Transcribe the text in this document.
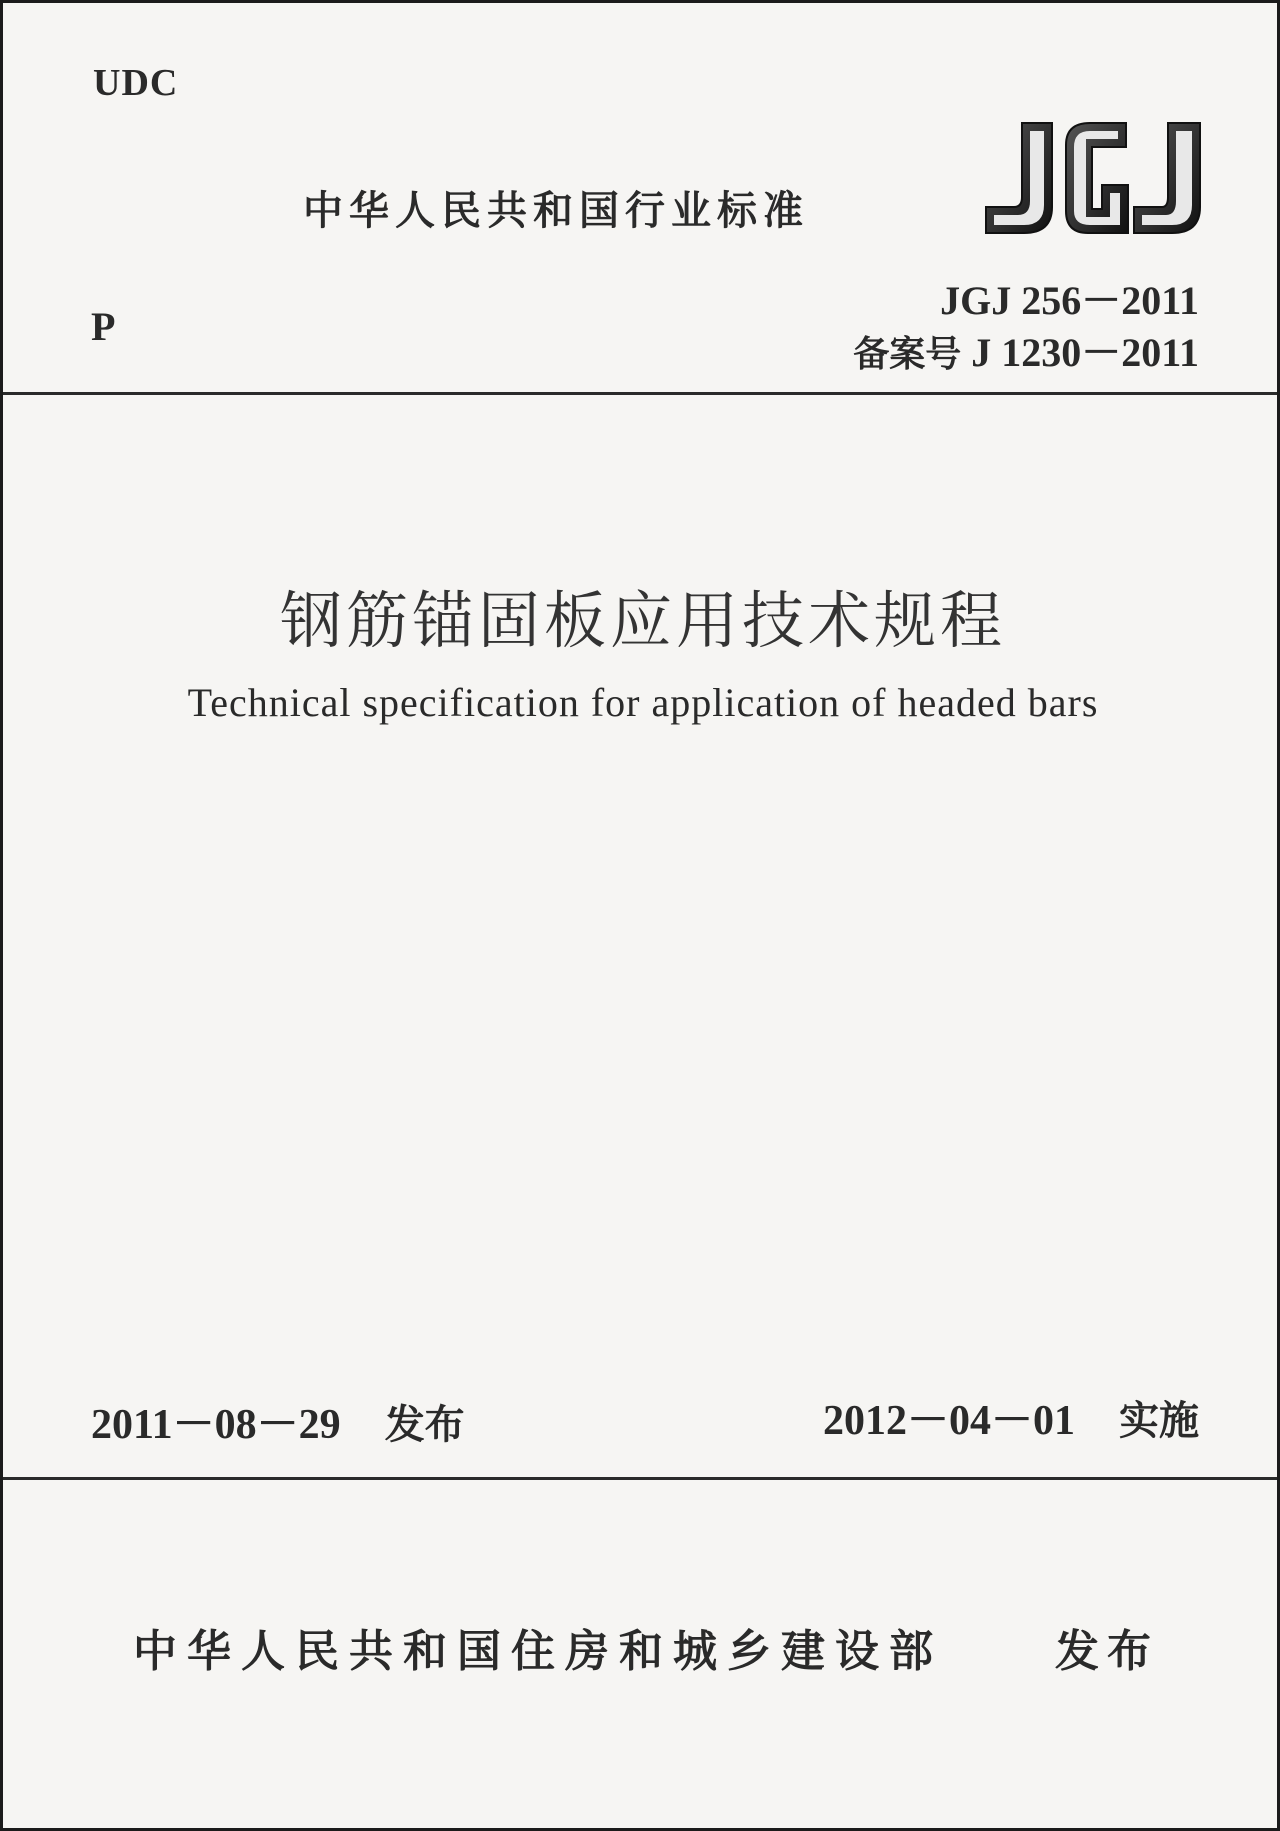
UDC
中华人民共和国行业标准
JGJ
JGJ 256－2011
P
备案号 J 1230－2011
钢筋锚固板应用技术规程
Technical specification for application of headed bars
2011－08－29 发布	2012－04－01 实施
中华人民共和国住房和城乡建设部	发布
